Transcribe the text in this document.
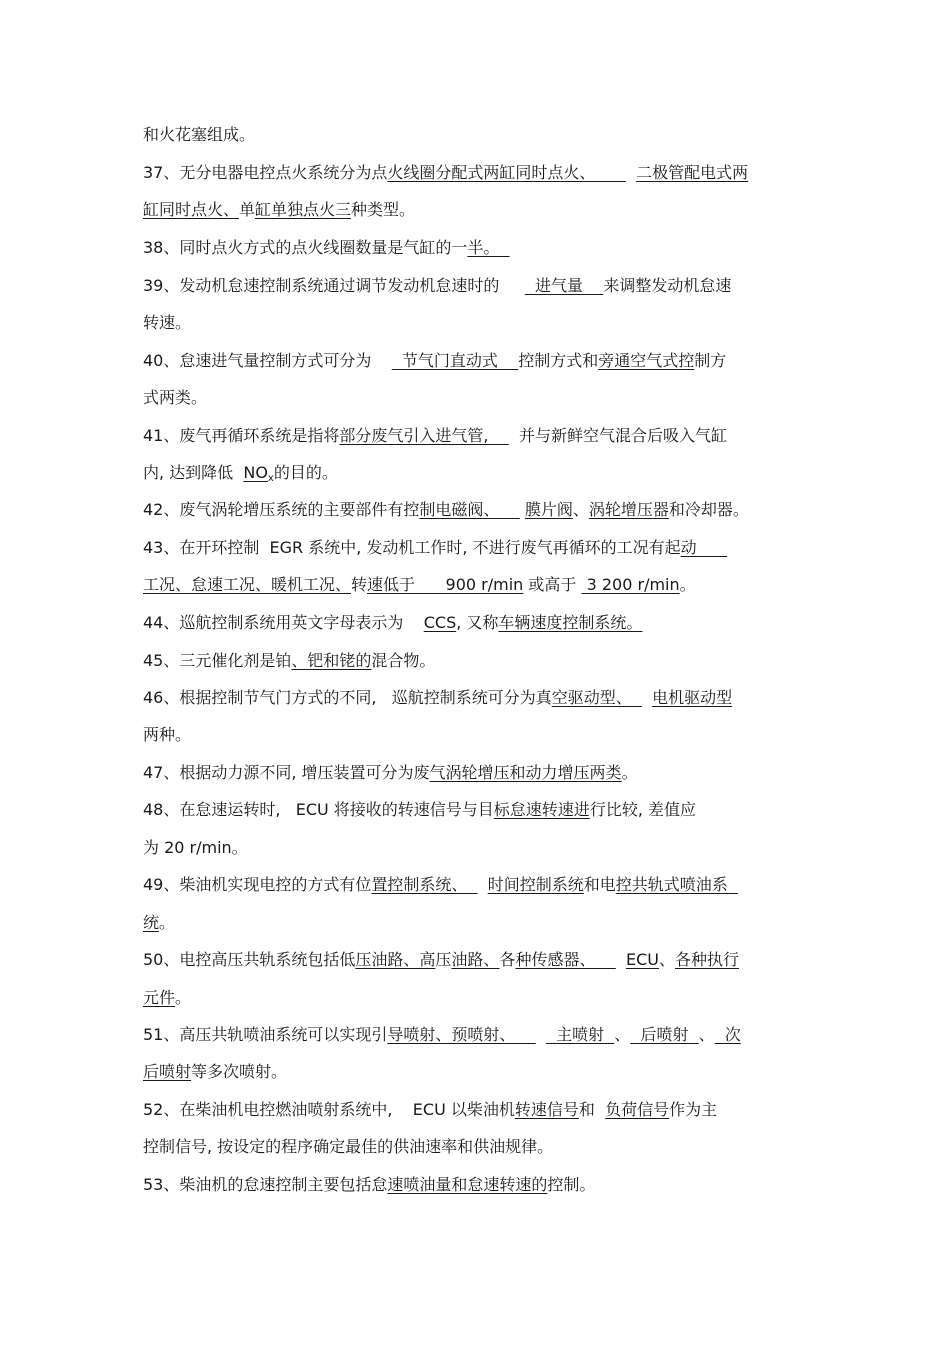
和火花塞组成。
37、无分电器电控点火系统分为点火线圈分配式两缸同时点火、        二极管配电式两
缸同时点火、单缸单独点火三种类型。
38、同时点火方式的点火线圈数量是气缸的一半。
39、发动机怠速控制系统通过调节发动机怠速时的       进气量    来调整发动机怠速
转速。
40、怠速进气量控制方式可分为      节气门直动式    控制方式和旁通空气式控制方
式两类。
41、废气再循环系统是指将部分废气引入进气管,      并与新鲜空气混合后吸入气缸
内, 达到降低  $NO_x$的目的。
42、废气涡轮增压系统的主要部件有控制电磁阀、     膜片阀、涡轮增压器和冷却器。
43、在开环控制  EGR 系统中, 发动机工作时, 不进行废气再循环的工况有起动
工况、怠速工况、暖机工况、转速低于      900 r/min 或高于  3 200 r/min。
44、巡航控制系统用英文字母表示为    CCS, 又称车辆速度控制系统。
45、三元催化剂是铂、钯和铑的混合物。
46、根据控制节气门方式的不同,   巡航控制系统可分为真空驱动型、    电机驱动型
两种。
47、根据动力源不同, 增压装置可分为废气涡轮增压和动力增压两类。
48、在怠速运转时,   ECU 将接收的转速信号与目标怠速转速进行比较, 差值应
为 20 r/min。
49、柴油机实现电控的方式有位置控制系统、    时间控制系统和电控共轨式喷油系
统。
50、电控高压共轨系统包括低压油路、高压油路、各种传感器、      ECU、各种执行
元件。
51、高压共轨喷油系统可以实现引导喷射、预喷射、        主喷射  、  后喷射  、  次
后喷射等多次喷射。
52、在柴油机电控燃油喷射系统中,    ECU 以柴油机转速信号和  负荷信号作为主
控制信号, 按设定的程序确定最佳的供油速率和供油规律。
53、柴油机的怠速控制主要包括怠速喷油量和怠速转速的控制。
